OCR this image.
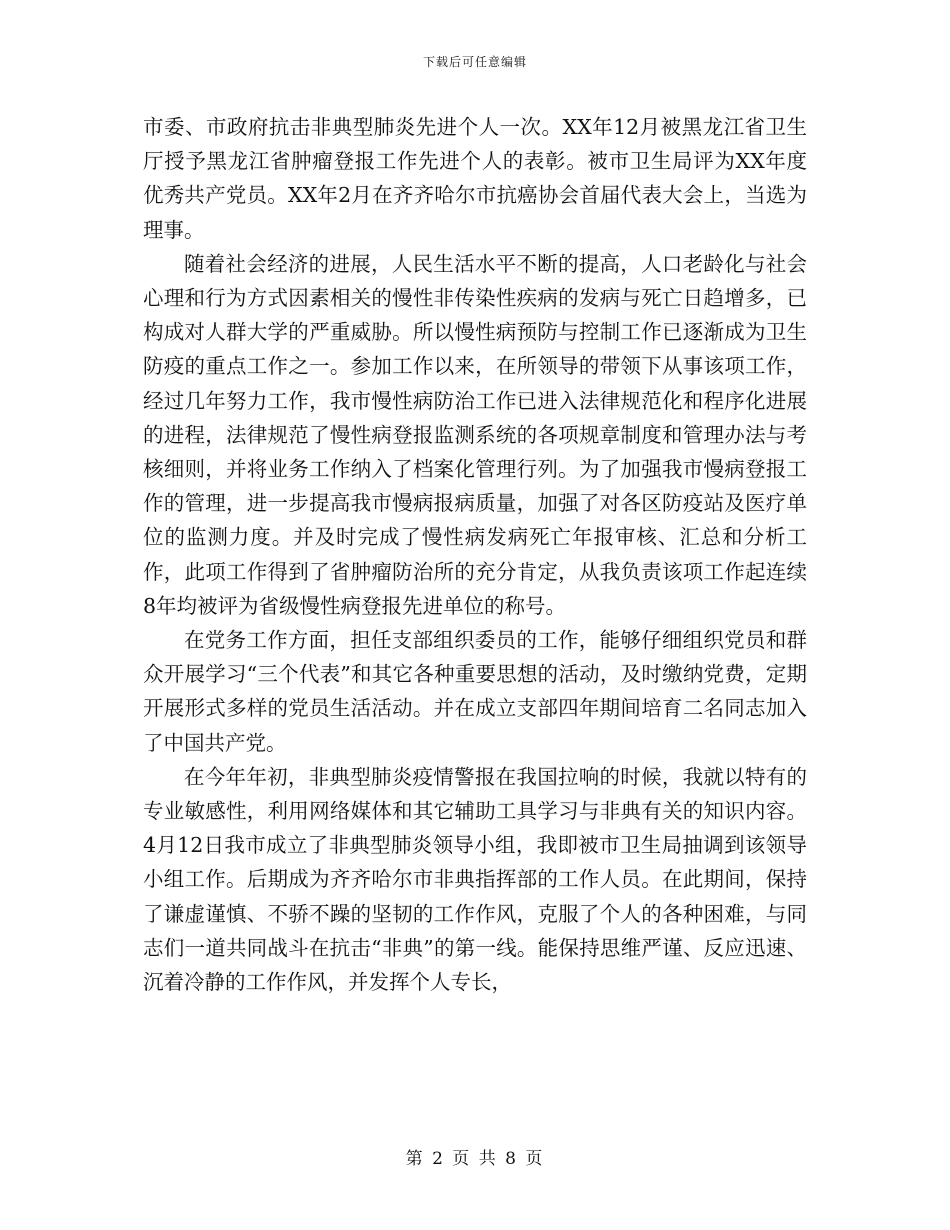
下载后可任意编辑

市委、市政府抗击非典型肺炎先进个人一次。XX年12月被黑龙江省卫生厅授予黑龙江省肿瘤登报工作先进个人的表彰。被市卫生局评为XX年度优秀共产党员。XX年2月在齐齐哈尔市抗癌协会首届代表大会上，当选为理事。

随着社会经济的进展，人民生活水平不断的提高，人口老龄化与社会心理和行为方式因素相关的慢性非传染性疾病的发病与死亡日趋增多，已构成对人群大学的严重威胁。所以慢性病预防与控制工作已逐渐成为卫生防疫的重点工作之一。参加工作以来，在所领导的带领下从事该项工作，经过几年努力工作，我市慢性病防治工作已进入法律规范化和程序化进展的进程，法律规范了慢性病登报监测系统的各项规章制度和管理办法与考核细则，并将业务工作纳入了档案化管理行列。为了加强我市慢病登报工作的管理，进一步提高我市慢病报病质量，加强了对各区防疫站及医疗单位的监测力度。并及时完成了慢性病发病死亡年报审核、汇总和分析工作，此项工作得到了省肿瘤防治所的充分肯定，从我负责该项工作起连续8年均被评为省级慢性病登报先进单位的称号。

在党务工作方面，担任支部组织委员的工作，能够仔细组织党员和群众开展学习“三个代表”和其它各种重要思想的活动，及时缴纳党费，定期开展形式多样的党员生活活动。并在成立支部四年期间培育二名同志加入了中国共产党。

在今年年初，非典型肺炎疫情警报在我国拉响的时候，我就以特有的专业敏感性，利用网络媒体和其它辅助工具学习与非典有关的知识内容。4月12日我市成立了非典型肺炎领导小组，我即被市卫生局抽调到该领导小组工作。后期成为齐齐哈尔市非典指挥部的工作人员。在此期间，保持了谦虚谨慎、不骄不躁的坚韧的工作作风，克服了个人的各种困难，与同志们一道共同战斗在抗击“非典”的第一线。能保持思维严谨、反应迅速、沉着冷静的工作作风，并发挥个人专长，

第 2 页 共 8 页
